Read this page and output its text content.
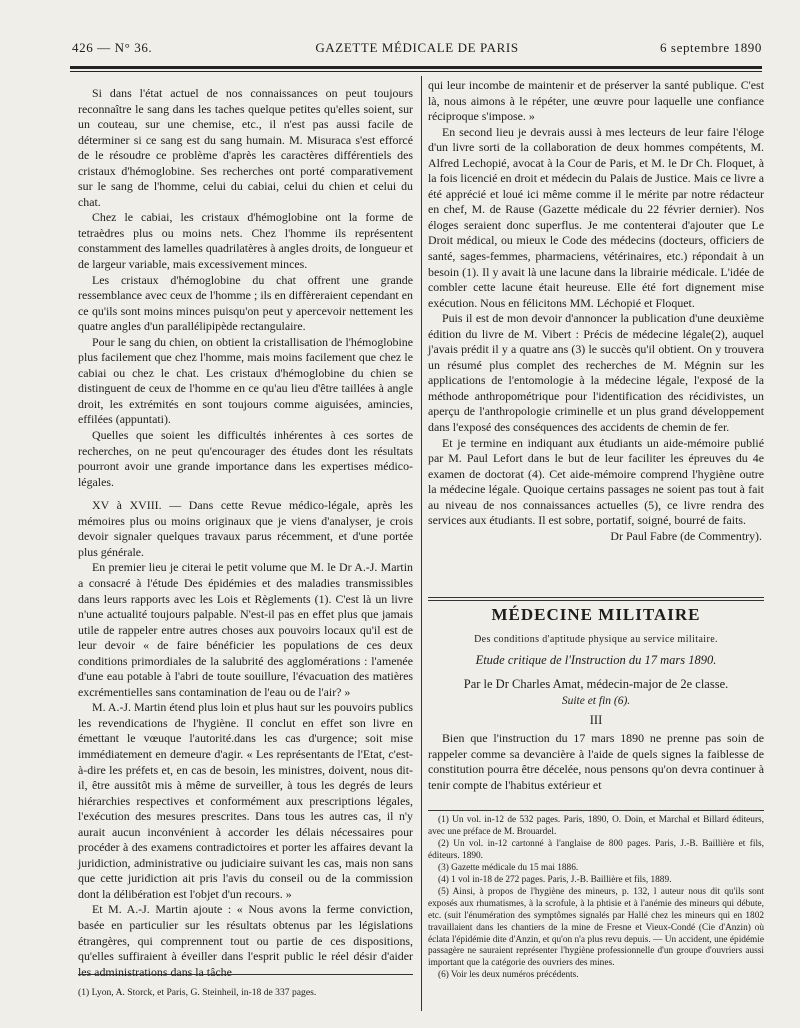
426 — N° 36.	GAZETTE MÉDICALE DE PARIS	6 septembre 1890

Si dans l'état actuel de nos connaissances on peut toujours reconnaître le sang dans les taches quelque petites qu'elles soient, sur un couteau, sur une chemise, etc., il n'est pas aussi facile de déterminer si ce sang est du sang humain. M. Misuraca s'est efforcé de le résoudre ce problème d'après les caractères différentiels des cristaux d'hémoglobine. Ses recherches ont porté comparativement sur le sang de l'homme, celui du cabiai, celui du chien et celui du chat.

Chez le cabiai, les cristaux d'hémoglobine ont la forme de tetraèdres plus ou moins nets. Chez l'homme ils représentent constamment des lamelles quadrilatères à angles droits, de longueur et de largeur variable, mais excessivement minces.

Les cristaux d'hémoglobine du chat offrent une grande ressemblance avec ceux de l'homme ; ils en diffèreraient cependant en ce qu'ils sont moins minces puisqu'on peut y apercevoir nettement les quatre angles d'un parallélipipède rectangulaire.

Pour le sang du chien, on obtient la cristallisation de l'hémoglobine plus facilement que chez l'homme, mais moins facilement que chez le cabiai ou chez le chat. Les cristaux d'hémoglobine du chien se distinguent de ceux de l'homme en ce qu'au lieu d'être taillées à angle droit, les extrémités en sont toujours comme aiguisées, amincies, effilées (appuntati).

Quelles que soient les difficultés inhérentes à ces sortes de recherches, on ne peut qu'encourager des études dont les résultats pourront avoir une grande importance dans les expertises médico-légales.

XV à XVIII. — Dans cette Revue médico-légale, après les mémoires plus ou moins originaux que je viens d'analyser, je crois devoir signaler quelques travaux parus récemment, et d'une portée plus générale.

En premier lieu je citerai le petit volume que M. le Dr A.-J. Martin a consacré à l'étude Des épidémies et des maladies transmissibles dans leurs rapports avec les Lois et Règlements (1). C'est là un livre n'une actualité toujours palpable. N'est-il pas en effet plus que jamais utile de rappeler entre autres choses aux pouvoirs locaux qu'il est de leur devoir « de faire bénéficier les populations de ces deux conditions primordiales de la salubrité des agglomérations : l'amenée d'une eau potable à l'abri de toute souillure, l'évacuation des matières excrémentielles sans contamination de l'eau ou de l'air? »

M. A.-J. Martin étend plus loin et plus haut sur les pouvoirs publics les revendications de l'hygiène. Il conclut en effet son livre en émettant le vœuque l'autorité.dans les cas d'urgence; soit mise immédiatement en demeure d'agir. « Les représentants de l'Etat, c'est-à-dire les préfets et, en cas de besoin, les ministres, doivent, nous dit-il, être aussitôt mis à même de surveiller, à tous les degrés de leurs hiérarchies respectives et conformément aux prescriptions légales, l'exécution des mesures prescrites. Dans tous les autres cas, il n'y aurait aucun inconvénient à accorder les délais nécessaires pour procéder à des examens contradictoires et porter les affaires devant la juridiction, administrative ou judiciaire suivant les cas, mais non sans que cette juridiction ait pris l'avis du conseil ou de la commission dont la délibération est l'objet d'un recours. »

Et M. A.-J. Martin ajoute : « Nous avons la ferme conviction, basée en particulier sur les résultats obtenus par les législations étrangères, qui comprennent tout ou partie de ces dispositions, qu'elles suffiraient à éveiller dans l'esprit public le réel désir d'aider les administrations dans la tâche

(1) Lyon, A. Storck, et Paris, G. Steinheil, in-18 de 337 pages.

qui leur incombe de maintenir et de préserver la santé publique. C'est là, nous aimons à le répéter, une œuvre pour laquelle une confiance réciproque s'impose. »

En second lieu je devrais aussi à mes lecteurs de leur faire l'éloge d'un livre sorti de la collaboration de deux hommes compétents, M. Alfred Lechopié, avocat à la Cour de Paris, et M. le Dr Ch. Floquet, à la fois licencié en droit et médecin du Palais de Justice. Mais ce livre a été apprécié et loué ici même comme il le mérite par notre rédacteur en chef, M. de Rause (Gazette médicale du 22 février dernier). Nos éloges seraient donc superflus. Je me contenterai d'ajouter que Le Droit médical, ou mieux le Code des médecins (docteurs, officiers de santé, sages-femmes, pharmaciens, vétérinaires, etc.) répondait à un besoin (1). Il y avait là une lacune dans la librairie médicale. L'idée de combler cette lacune était heureuse. Elle été fort dignement mise exécution. Nous en félicitons MM. Léchopié et Floquet.

Puis il est de mon devoir d'annoncer la publication d'une deuxième édition du livre de M. Vibert : Précis de médecine légale(2), auquel j'avais prédit il y a quatre ans (3) le succès qu'il obtient. On y trouvera un résumé plus complet des recherches de M. Mégnin sur les applications de l'entomologie à la médecine légale, l'exposé de la méthode anthropométrique pour l'identification des récidivistes, un aperçu de l'anthropologie criminelle et un plus grand développement dans l'exposé des conséquences des accidents de chemin de fer.

Et je termine en indiquant aux étudiants un aide-mémoire publié par M. Paul Lefort dans le but de leur faciliter les épreuves du 4e examen de doctorat (4). Cet aide-mémoire comprend l'hygiène outre la médecine légale. Quoique certains passages ne soient pas tout à fait au niveau de nos connaissances actuelles (5), ce livre rendra des services aux étudiants. Il est sobre, portatif, soigné, bourré de faits.

Dr Paul Fabre (de Commentry).

MÉDECINE MILITAIRE
Des conditions d'aptitude physique au service militaire.
Etude critique de l'Instruction du 17 mars 1890.
Par le Dr Charles Amat, médecin-major de 2e classe.
Suite et fin (6).
III

Bien que l'instruction du 17 mars 1890 ne prenne pas soin de rappeler comme sa devancière à l'aide de quels signes la faiblesse de constitution pourra être décelée, nous pensons qu'on devra continuer à tenir compte de l'habitus extérieur et

(1) Un vol. in-12 de 532 pages. Paris, 1890, O. Doin, et Marchal et Billard éditeurs, avec une préface de M. Brouardel.

(2) Un vol. in-12 cartonné à l'anglaise de 800 pages. Paris, J.-B. Baillière et fils, éditeurs. 1890.

(3) Gazette médicale du 15 mai 1886.

(4) 1 vol in-18 de 272 pages. Paris, J.-B. Baillière et fils, 1889.

(5) Ainsi, à propos de l'hygiène des mineurs, p. 132, l auteur nous dit qu'ils sont exposés aux rhumatismes, à la scrofule, à la phtisie et à l'anémie des mineurs qui débute, etc. (suit l'énumération des symptômes signalés par Hallé chez les mineurs qui en 1802 travaillaient dans les chantiers de la mine de Fresne et Vieux-Condé (Cie d'Anzin) où éclata l'épidémie dite d'Anzin, et qu'on n'a plus revu depuis. — Un accident, une épidémie passagère ne sauraient représenter l'hygiène professionnelle d'un groupe d'ouvriers aussi important que la catégorie des ouvriers des mines.

(6) Voir les deux numéros précédents.
